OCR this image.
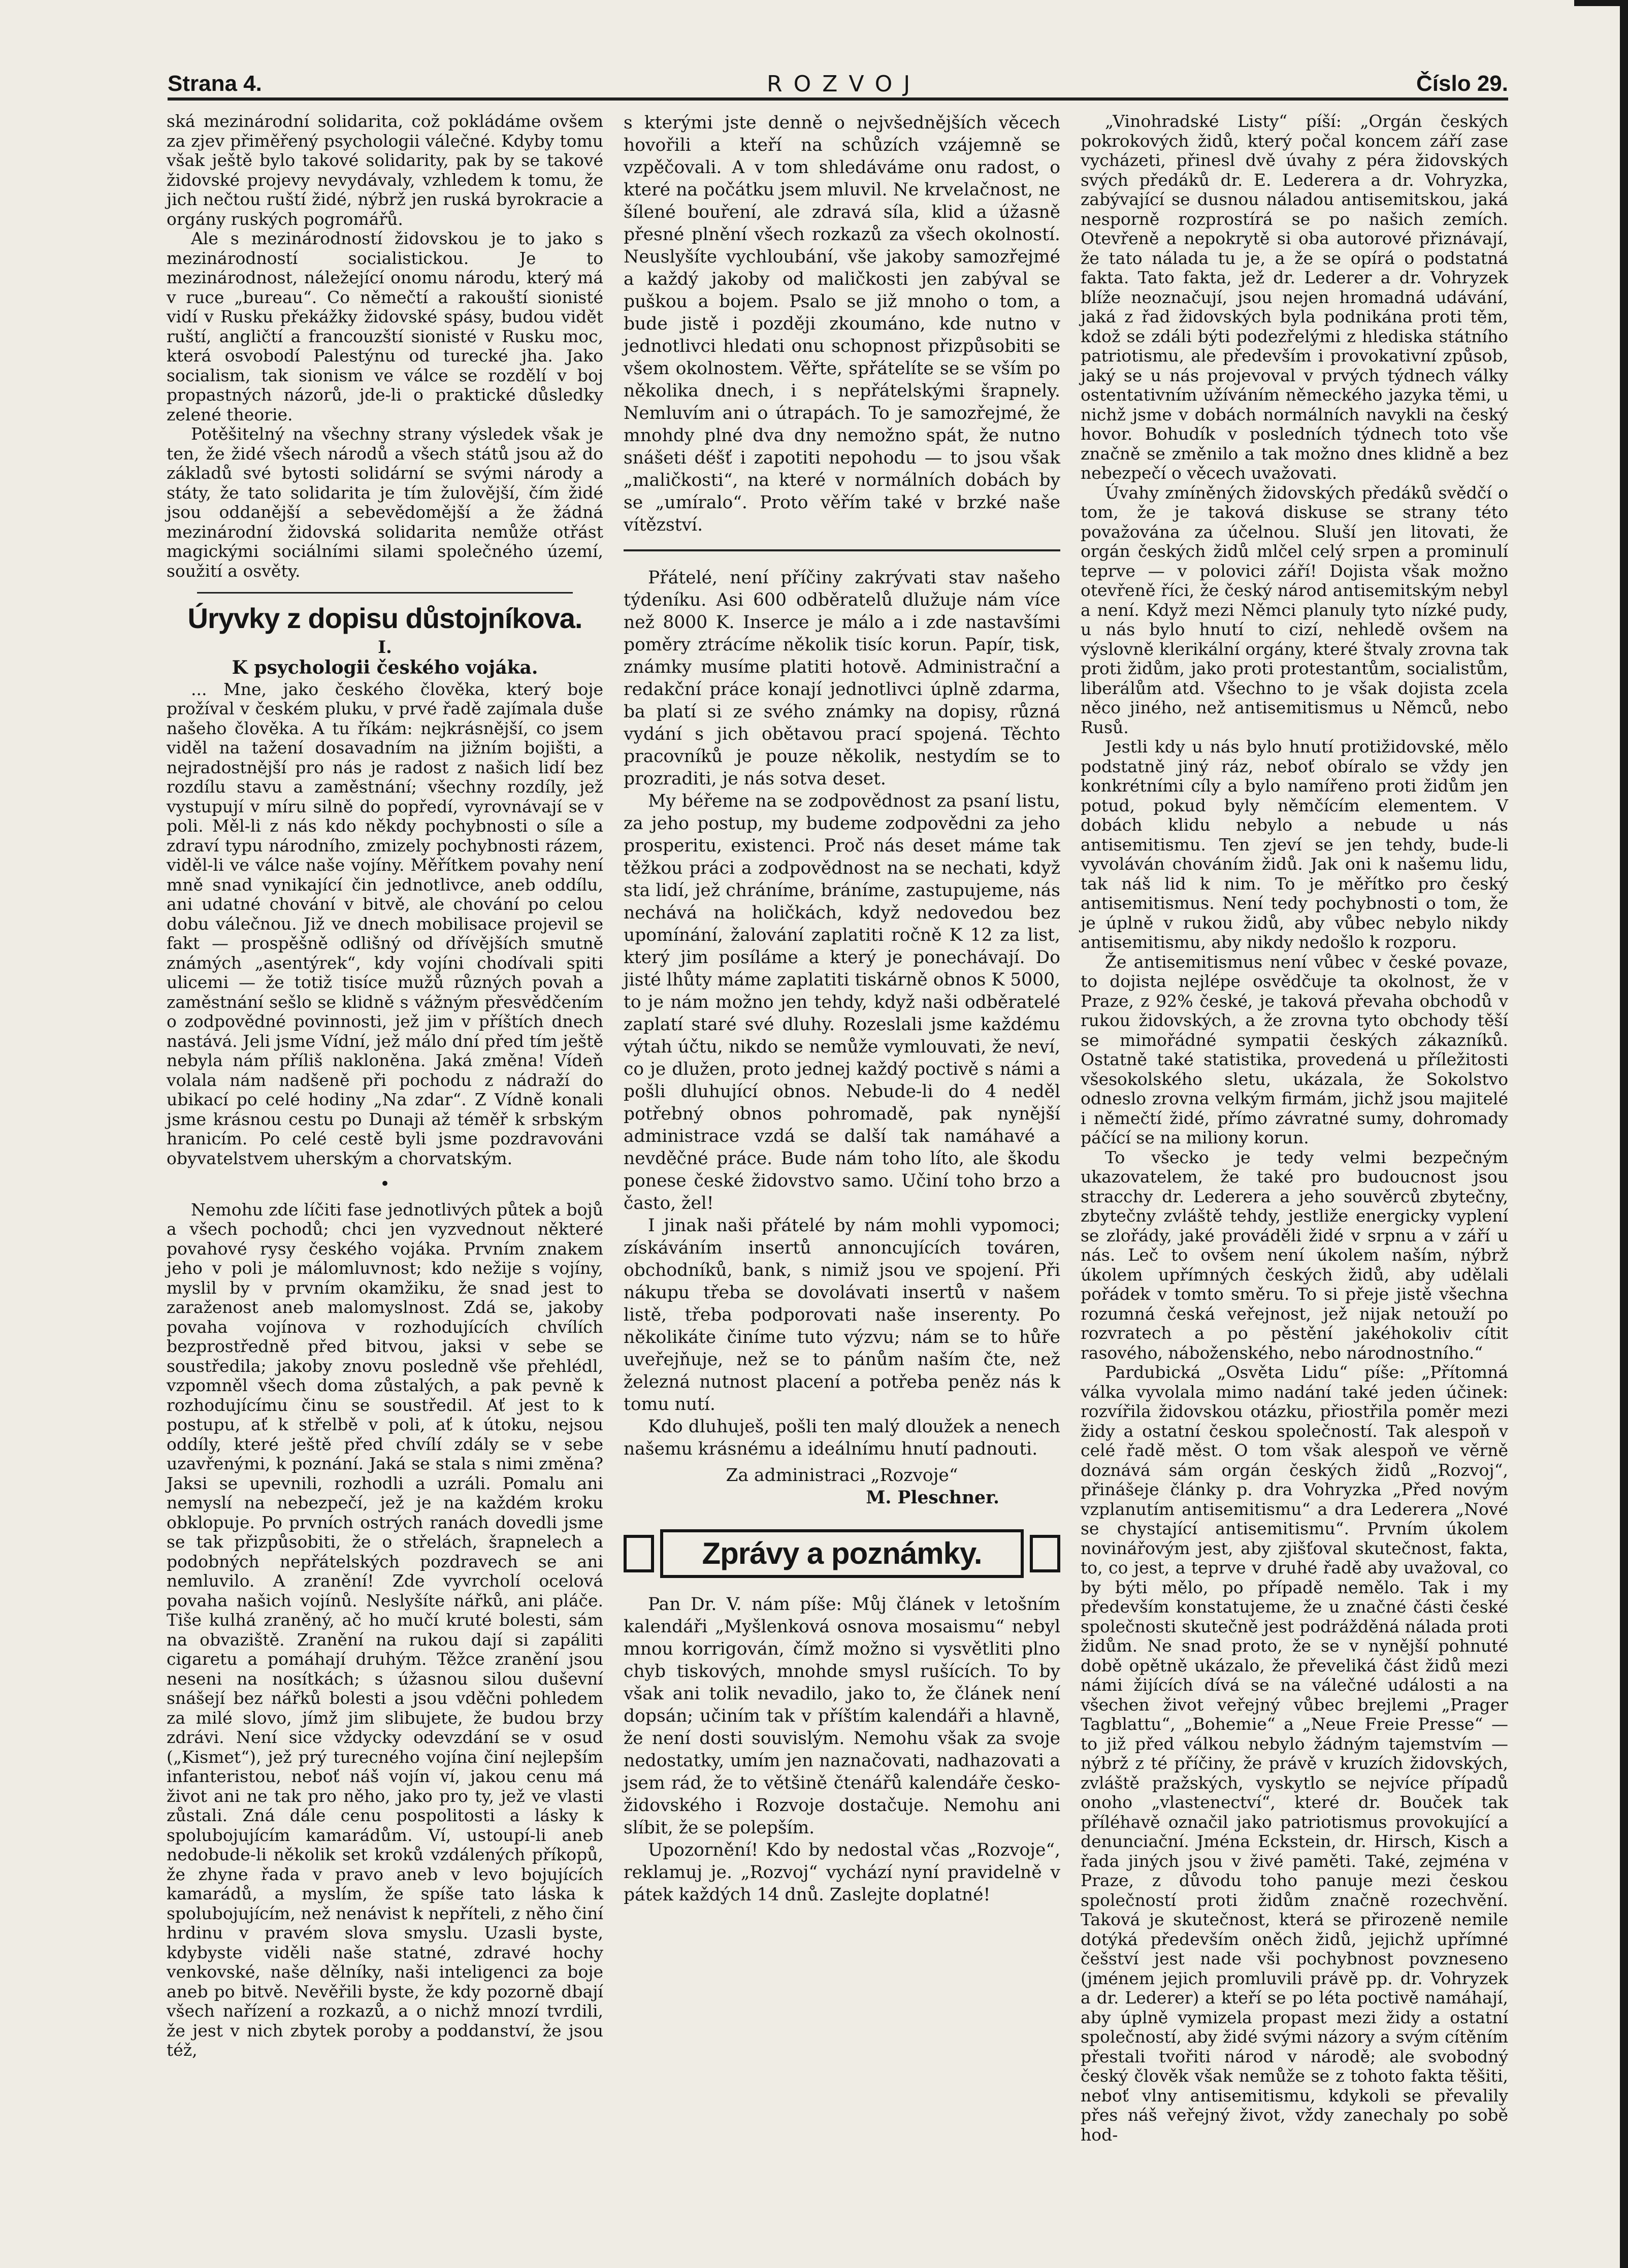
Strana 4.	ROZVOJ	Číslo 29.

ská mezinárodní solidarita, což pokládáme ovšem za zjev přiměřený psychologii válečné. Kdyby tomu však ještě bylo takové solidarity, pak by se takové židovské projevy nevydávaly, vzhledem k tomu, že jich nečtou ruští židé, nýbrž jen ruská byrokracie a orgány ruských pogromářů.

Ale s mezinárodností židovskou je to jako s mezinárodností socialistickou. Je to mezinárodnost, náležející onomu národu, který má v ruce „bureau“. Co němečtí a rakouští sionisté vidí v Rusku překážky židovské spásy, budou vidět ruští, angličtí a francouzští sionisté v Rusku moc, která osvobodí Palestýnu od turecké jha. Jako socialism, tak sionism ve válce se rozdělí v boj propastných názorů, jde-li o praktické důsledky zelené theorie.

Potěšitelný na všechny strany výsledek však je ten, že židé všech národů a všech států jsou až do základů své bytosti solidární se svými národy a státy, že tato solidarita je tím žulovější, čím židé jsou oddanější a sebevědomější a že žádná mezinárodní židovská solidarita nemůže otřást magickými sociálními silami společného území, soužití a osvěty.

Úryvky z dopisu důstojníkova.
I.
K psychologii českého vojáka.

... Mne, jako českého člověka, který boje prožíval v českém pluku, v prvé řadě zajímala duše našeho člověka. A tu říkám: nejkrásnější, co jsem viděl na tažení dosavadním na jižním bojišti, a nejradostnější pro nás je radost z našich lidí bez rozdílu stavu a zaměstnání; všechny rozdíly, jež vystupují v míru silně do popředí, vyrovnávají se v poli. Měl-li z nás kdo někdy pochybnosti o síle a zdraví typu národního, zmizely pochybnosti rázem, viděl-li ve válce naše vojíny. Měřítkem povahy není mně snad vynikající čin jednotlivce, aneb oddílu, ani udatné chování v bitvě, ale chování po celou dobu válečnou. Již ve dnech mobilisace projevil se fakt — prospěšně odlišný od dřívějších smutně známých „asentýrek“, kdy vojíni chodívali spiti ulicemi — že totiž tisíce mužů různých povah a zaměstnání sešlo se klidně s vážným přesvědčením o zodpovědné povinnosti, jež jim v příštích dnech nastává. Jeli jsme Vídní, jež málo dní před tím ještě nebyla nám příliš nakloněna. Jaká změna! Vídeň volala nám nadšeně při pochodu z nádraží do ubikací po celé hodiny „Na zdar“. Z Vídně konali jsme krásnou cestu po Dunaji až téměř k srbským hranicím. Po celé cestě byli jsme pozdravováni obyvatelstvem uherským a chorvatským.

•

Nemohu zde líčiti fase jednotlivých půtek a bojů a všech pochodů; chci jen vyzvednout některé povahové rysy českého vojáka. Prvním znakem jeho v poli je málomluvnost; kdo nežije s vojíny, myslil by v prvním okamžiku, že snad jest to zaraženost aneb malomyslnost. Zdá se, jakoby povaha vojínova v rozhodujících chvílích bezprostředně před bitvou, jaksi v sebe se soustředila; jakoby znovu posledně vše přehlédl, vzpomněl všech doma zůstalých, a pak pevně k rozhodujícímu činu se soustředil. Ať jest to k postupu, ať k střelbě v poli, ať k útoku, nejsou oddíly, které ještě před chvílí zdály se v sebe uzavřenými, k poznání. Jaká se stala s nimi změna? Jaksi se upevnili, rozhodli a uzráli. Pomalu ani nemyslí na nebezpečí, jež je na každém kroku obklopuje. Po prvních ostrých ranách dovedli jsme se tak přizpůsobiti, že o střelách, šrapnelech a podobných nepřátelských pozdravech se ani nemluvilo. A zranění! Zde vyvrcholí ocelová povaha našich vojínů. Neslyšíte nářků, ani pláče. Tiše kulhá zraněný, ač ho mučí kruté bolesti, sám na obvaziště. Zranění na rukou dají si zapáliti cigaretu a pomáhají druhým. Těžce zranění jsou neseni na nosítkách; s úžasnou silou duševní snášejí bez nářků bolesti a jsou vděčni pohledem za milé slovo, jímž jim slibujete, že budou brzy zdrávi. Není sice vždycky odevzdání se v osud („Kismet“), jež prý turecného vojína činí nejlepším infanteristou, neboť náš vojín ví, jakou cenu má život ani ne tak pro něho, jako pro ty, jež ve vlasti zůstali. Zná dále cenu pospolitosti a lásky k spolubojujícím kamarádům. Ví, ustoupí-li aneb nedobude-li několik set kroků vzdálených příkopů, že zhyne řada v pravo aneb v levo bojujících kamarádů, a myslím, že spíše tato láska k spolubojujícím, než nenávist k nepříteli, z něho činí hrdinu v pravém slova smyslu. Uzasli byste, kdybyste viděli naše statné, zdravé hochy venkovské, naše dělníky, naši inteligenci za boje aneb po bitvě. Nevěřili byste, že kdy pozorně dbají všech nařízení a rozkazů, a o nichž mnozí tvrdili, že jest v nich zbytek poroby a poddanství, že jsou též,

s kterými jste denně o nejvšednějších věcech hovořili a kteří na schůzích vzájemně se vzpěčovali. A v tom shledáváme onu radost, o které na počátku jsem mluvil. Ne krvelačnost, ne šílené bouření, ale zdravá síla, klid a úžasně přesné plnění všech rozkazů za všech okolností. Neuslyšíte vychloubání, vše jakoby samozřejmé a každý jakoby od maličkosti jen zabýval se puškou a bojem. Psalo se již mnoho o tom, a bude jistě i později zkoumáno, kde nutno v jednotlivci hledati onu schopnost přizpůsobiti se všem okolnostem. Věřte, spřátelíte se se vším po několika dnech, i s nepřátelskými šrapnely. Nemluvím ani o útrapách. To je samozřejmé, že mnohdy plné dva dny nemožno spát, že nutno snášeti déšť i zapotiti nepohodu — to jsou však „maličkosti“, na které v normálních dobách by se „umíralo“. Proto věřím také v brzké naše vítězství.

Přátelé, není příčiny zakrývati stav našeho týdeníku. Asi 600 odběratelů dlužuje nám více než 8000 K. Inserce je málo a i zde nastavšími poměry ztrácíme několik tisíc korun. Papír, tisk, známky musíme platiti hotově. Administrační a redakční práce konají jednotlivci úplně zdarma, ba platí si ze svého známky na dopisy, různá vydání s jich obětavou prací spojená. Těchto pracovníků je pouze několik, nestydím se to prozraditi, je nás sotva deset.

My béřeme na se zodpovědnost za psaní listu, za jeho postup, my budeme zodpovědni za jeho prosperitu, existenci. Proč nás deset máme tak těžkou práci a zodpovědnost na se nechati, když sta lidí, jež chráníme, bráníme, zastupujeme, nás nechává na holičkách, když nedovedou bez upomínání, žalování zaplatiti ročně K 12 za list, který jim posíláme a který je ponechávají. Do jisté lhůty máme zaplatiti tiskárně obnos K 5000, to je nám možno jen tehdy, když naši odběratelé zaplatí staré své dluhy. Rozeslali jsme každému výtah účtu, nikdo se nemůže vymlouvati, že neví, co je dlužen, proto jednej každý poctivě s námi a pošli dluhující obnos. Nebude-li do 4 neděl potřebný obnos pohromadě, pak nynější administrace vzdá se další tak namáhavé a nevděčné práce. Bude nám toho líto, ale škodu ponese české židovstvo samo. Učiní toho brzo a často, žel!

I jinak naši přátelé by nám mohli vypomoci; získáváním insertů annoncujících továren, obchodníků, bank, s nimiž jsou ve spojení. Při nákupu třeba se dovolávati insertů v našem listě, třeba podporovati naše inserenty. Po několikáte činíme tuto výzvu; nám se to hůře uveřejňuje, než se to pánům naším čte, než železná nutnost placení a potřeba peněz nás k tomu nutí.

Kdo dluhuješ, pošli ten malý dloužek a nenech našemu krásnému a ideálnímu hnutí padnouti.

Za administraci „Rozvoje“
M. Pleschner.
Zprávy a poznámky.

Pan Dr. V. nám píše: Můj článek v letošním kalendáři „Myšlenková osnova mosaismu“ nebyl mnou korrigován, čímž možno si vysvětliti plno chyb tiskových, mnohde smysl rušících. To by však ani tolik nevadilo, jako to, že článek není dopsán; učiním tak v příštím kalendáři a hlavně, že není dosti souvislým. Nemohu však za svoje nedostatky, umím jen naznačovati, nadhazovati a jsem rád, že to většině čtenářů kalendáře česko-židovského i Rozvoje dostačuje. Nemohu ani slíbit, že se polepším.

Upozornění! Kdo by nedostal včas „Rozvoje“, reklamuj je. „Rozvoj“ vychází nyní pravidelně v pátek každých 14 dnů. Zaslejte doplatné!

„Vinohradské Listy“ píší: „Orgán českých pokrokových židů, který počal koncem září zase vycházeti, přinesl dvě úvahy z péra židovských svých předáků dr. E. Lederera a dr. Vohryzka, zabývající se dusnou náladou antisemitskou, jaká nesporně rozprostírá se po našich zemích. Otevřeně a nepokrytě si oba autorové přiznávají, že tato nálada tu je, a že se opírá o podstatná fakta. Tato fakta, jež dr. Lederer a dr. Vohryzek blíže neoznačují, jsou nejen hromadná udávání, jaká z řad židovských byla podnikána proti těm, kdož se zdáli býti podezřelými z hlediska státního patriotismu, ale především i provokativní způsob, jaký se u nás projevoval v prvých týdnech války ostentativním užíváním německého jazyka těmi, u nichž jsme v dobách normálních navykli na český hovor. Bohudík v posledních týdnech toto vše značně se změnilo a tak možno dnes klidně a bez nebezpečí o věcech uvažovati.

Úvahy zmíněných židovských předáků svědčí o tom, že je taková diskuse se strany této považována za účelnou. Sluší jen litovati, že orgán českých židů mlčel celý srpen a prominulí teprve — v polovici září! Dojista však možno otevřeně říci, že český národ antisemitským nebyl a není. Když mezi Němci planuly tyto nízké pudy, u nás bylo hnutí to cizí, nehledě ovšem na výslovně klerikální orgány, které štvaly zrovna tak proti židům, jako proti protestantům, socialistům, liberálům atd. Všechno to je však dojista zcela něco jiného, než antisemitismus u Němců, nebo Rusů.

Jestli kdy u nás bylo hnutí protižidovské, mělo podstatně jiný ráz, neboť obíralo se vždy jen konkrétními cíly a bylo namířeno proti židům jen potud, pokud byly němčícím elementem. V dobách klidu nebylo a nebude u nás antisemitismu. Ten zjeví se jen tehdy, bude-li vyvoláván chováním židů. Jak oni k našemu lidu, tak náš lid k nim. To je měřítko pro český antisemitismus. Není tedy pochybnosti o tom, že je úplně v rukou židů, aby vůbec nebylo nikdy antisemitismu, aby nikdy nedošlo k rozporu.

Že antisemitismus není vůbec v české povaze, to dojista nejlépe osvědčuje ta okolnost, že v Praze, z 92% české, je taková převaha obchodů v rukou židovských, a že zrovna tyto obchody těší se mimořádné sympatii českých zákazníků. Ostatně také statistika, provedená u příležitosti všesokolského sletu, ukázala, že Sokolstvo odneslo zrovna velkým firmám, jichž jsou majitelé i němečtí židé, přímo závratné sumy, dohromady páčící se na miliony korun.

To všecko je tedy velmi bezpečným ukazovatelem, že také pro budoucnost jsou stracchy dr. Lederera a jeho souvěrců zbytečny, zbytečny zvláště tehdy, jestliže energicky vyplení se zlořády, jaké prováděli židé v srpnu a v září u nás. Leč to ovšem není úkolem naším, nýbrž úkolem upřímných českých židů, aby udělali pořádek v tomto směru. To si přeje jistě všechna rozumná česká veřejnost, jež nijak netouží po rozvratech a po pěstění jakéhokoliv cítit rasového, náboženského, nebo národnostního.“

Pardubická „Osvěta Lidu“ píše: „Přítomná válka vyvolala mimo nadání také jeden účinek: rozvířila židovskou otázku, přiostřila poměr mezi židy a ostatní českou společností. Tak alespoň v celé řadě měst. O tom však alespoň ve věrně doznává sám orgán českých židů „Rozvoj“, přinášeje články p. dra Vohryzka „Před novým vzplanutím antisemitismu“ a dra Lederera „Nové se chystající antisemitismu“. Prvním úkolem novinářovým jest, aby zjišťoval skutečnost, fakta, to, co jest, a teprve v druhé řadě aby uvažoval, co by býti mělo, po případě nemělo. Tak i my především konstatujeme, že u značné části české společnosti skutečně jest podrážděná nálada proti židům. Ne snad proto, že se v nynější pohnuté době opětně ukázalo, že převeliká část židů mezi námi žijících dívá se na válečné události a na všechen život veřejný vůbec brejlemi „Prager Tagblattu“, „Bohemie“ a „Neue Freie Presse“ — to již před válkou nebylo žádným tajemstvím — nýbrž z té příčiny, že právě v kruzích židovských, zvláště pražských, vyskytlo se nejvíce případů onoho „vlastenectví“, které dr. Bouček tak příléhavě označil jako patriotismus provokující a denunciační. Jména Eckstein, dr. Hirsch, Kisch a řada jiných jsou v živé paměti. Také, zejména v Praze, z důvodu toho panuje mezi českou společností proti židům značně rozechvění. Taková je skutečnost, která se přirozeně nemile dotýká především oněch židů, jejichž upřímné češství jest nade vši pochybnost povzneseno (jménem jejich promluvili právě pp. dr. Vohryzek a dr. Lederer) a kteří se po léta poctivě namáhají, aby úplně vymizela propast mezi židy a ostatní společností, aby židé svými názory a svým cítěním přestali tvořiti národ v národě; ale svobodný český člověk však nemůže se z tohoto fakta těšiti, neboť vlny antisemitismu, kdykoli se převalily přes náš veřejný život, vždy zanechaly po sobě hod-
